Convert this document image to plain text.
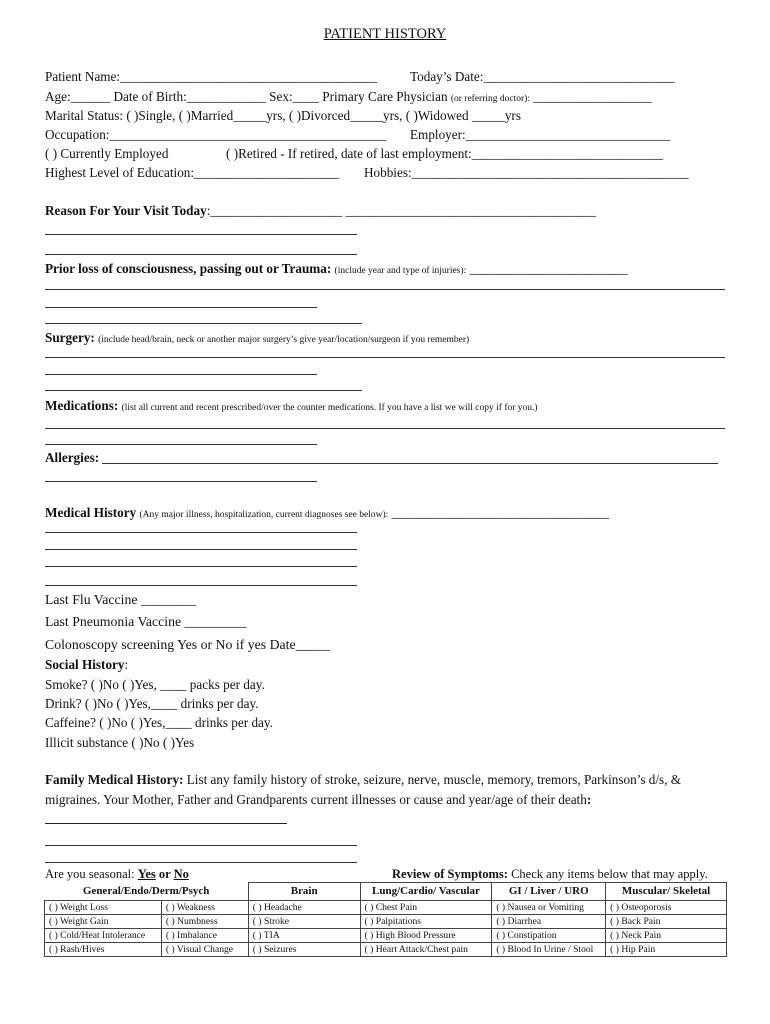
PATIENT HISTORY
Patient Name:_______________________________________ Today’s Date:_____________________________
Age:______ Date of Birth:____________ Sex:____ Primary Care Physician (or referring doctor): __________________
Marital Status: ( )Single, ( )Married_____yrs, ( )Divorced_____yrs, ( )Widowed _____yrs
Occupation:__________________________________________ Employer:_______________________________
( ) Currently Employed	( )Retired - If retired, date of last employment:_____________________________
Highest Level of Education:______________________ Hobbies:__________________________________________
Reason For Your Visit Today:____________________ ______________________________________
Prior loss of consciousness, passing out or Trauma: (include year and type of injuries): ________________________
Surgery: (include head/brain, neck or another major surgery’s give year/location/surgeon if you remember)
Medications: (list all current and recent prescribed/over the counter medications. If you have a list we will copy if for you.)
Allergies:
Medical History (Any major illness, hospitalization, current diagnoses see below): _________________________________
Last Flu Vaccine ________
Last Pneumonia Vaccine _________
Colonoscopy screening Yes or No if yes Date_____
Social History:
Smoke? ( )No ( )Yes, ____ packs per day.
Drink? ( )No ( )Yes,____ drinks per day.
Caffeine? ( )No ( )Yes,____ drinks per day.
Illicit substance ( )No ( )Yes
Family Medical History: List any family history of stroke, seizure, nerve, muscle, memory, tremors, Parkinson’s d/s, &
migraines. Your Mother, Father and Grandparents current illnesses or cause and year/age of their death:
Are you seasonal: Yes or No	Review of Symptoms: Check any items below that may apply.
General/Endo/Derm/Psych		Brain	Lung/Cardio/ Vascular	GI / Liver / URO	Muscular/ Skeletal
( ) Weight Loss	( ) Weakness	( ) Headache	( ) Chest Pain	( ) Nausea or Vomiting	( ) Osteoporosis
( ) Weight Gain	( ) Numbness	( ) Stroke	( ) Palpitations	( ) Diarrhea	( ) Back Pain
( ) Cold/Heat Intolerance	( ) Imbalance	( ) TIA	( ) High Blood Pressure	( ) Constipation	( ) Neck Pain
( ) Rash/Hives	( ) Visual Change	( ) Seizures	( ) Heart Attack/Chest pain	( ) Blood In Urine / Stool	( ) Hip Pain
